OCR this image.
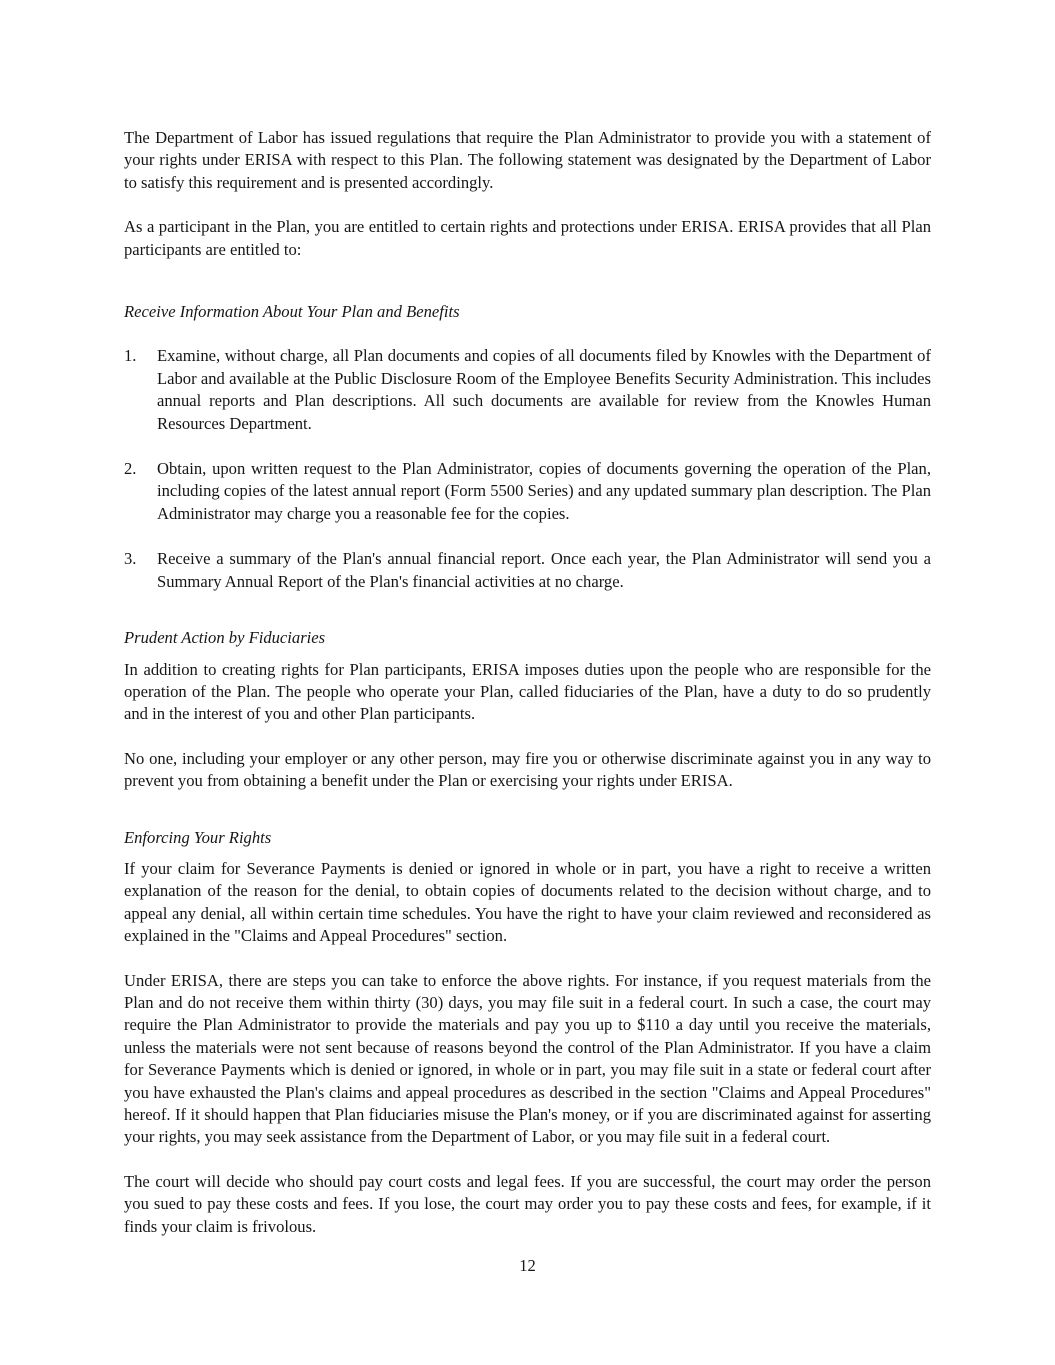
The Department of Labor has issued regulations that require the Plan Administrator to provide you with a statement of your rights under ERISA with respect to this Plan. The following statement was designated by the Department of Labor to satisfy this requirement and is presented accordingly.

As a participant in the Plan, you are entitled to certain rights and protections under ERISA. ERISA provides that all Plan participants are entitled to:

Receive Information About Your Plan and Benefits
1.	Examine, without charge, all Plan documents and copies of all documents filed by Knowles with the Department of Labor and available at the Public Disclosure Room of the Employee Benefits Security Administration. This includes annual reports and Plan descriptions. All such documents are available for review from the Knowles Human Resources Department.
2.	Obtain, upon written request to the Plan Administrator, copies of documents governing the operation of the Plan, including copies of the latest annual report (Form 5500 Series) and any updated summary plan description. The Plan Administrator may charge you a reasonable fee for the copies.
3.	Receive a summary of the Plan's annual financial report. Once each year, the Plan Administrator will send you a Summary Annual Report of the Plan's financial activities at no charge.
Prudent Action by Fiduciaries

In addition to creating rights for Plan participants, ERISA imposes duties upon the people who are responsible for the operation of the Plan. The people who operate your Plan, called fiduciaries of the Plan, have a duty to do so prudently and in the interest of you and other Plan participants.

No one, including your employer or any other person, may fire you or otherwise discriminate against you in any way to prevent you from obtaining a benefit under the Plan or exercising your rights under ERISA.

Enforcing Your Rights

If your claim for Severance Payments is denied or ignored in whole or in part, you have a right to receive a written explanation of the reason for the denial, to obtain copies of documents related to the decision without charge, and to appeal any denial, all within certain time schedules. You have the right to have your claim reviewed and reconsidered as explained in the "Claims and Appeal Procedures" section.

Under ERISA, there are steps you can take to enforce the above rights. For instance, if you request materials from the Plan and do not receive them within thirty (30) days, you may file suit in a federal court. In such a case, the court may require the Plan Administrator to provide the materials and pay you up to $110 a day until you receive the materials, unless the materials were not sent because of reasons beyond the control of the Plan Administrator. If you have a claim for Severance Payments which is denied or ignored, in whole or in part, you may file suit in a state or federal court after you have exhausted the Plan's claims and appeal procedures as described in the section "Claims and Appeal Procedures" hereof. If it should happen that Plan fiduciaries misuse the Plan's money, or if you are discriminated against for asserting your rights, you may seek assistance from the Department of Labor, or you may file suit in a federal court.

The court will decide who should pay court costs and legal fees. If you are successful, the court may order the person you sued to pay these costs and fees. If you lose, the court may order you to pay these costs and fees, for example, if it finds your claim is frivolous.

12
